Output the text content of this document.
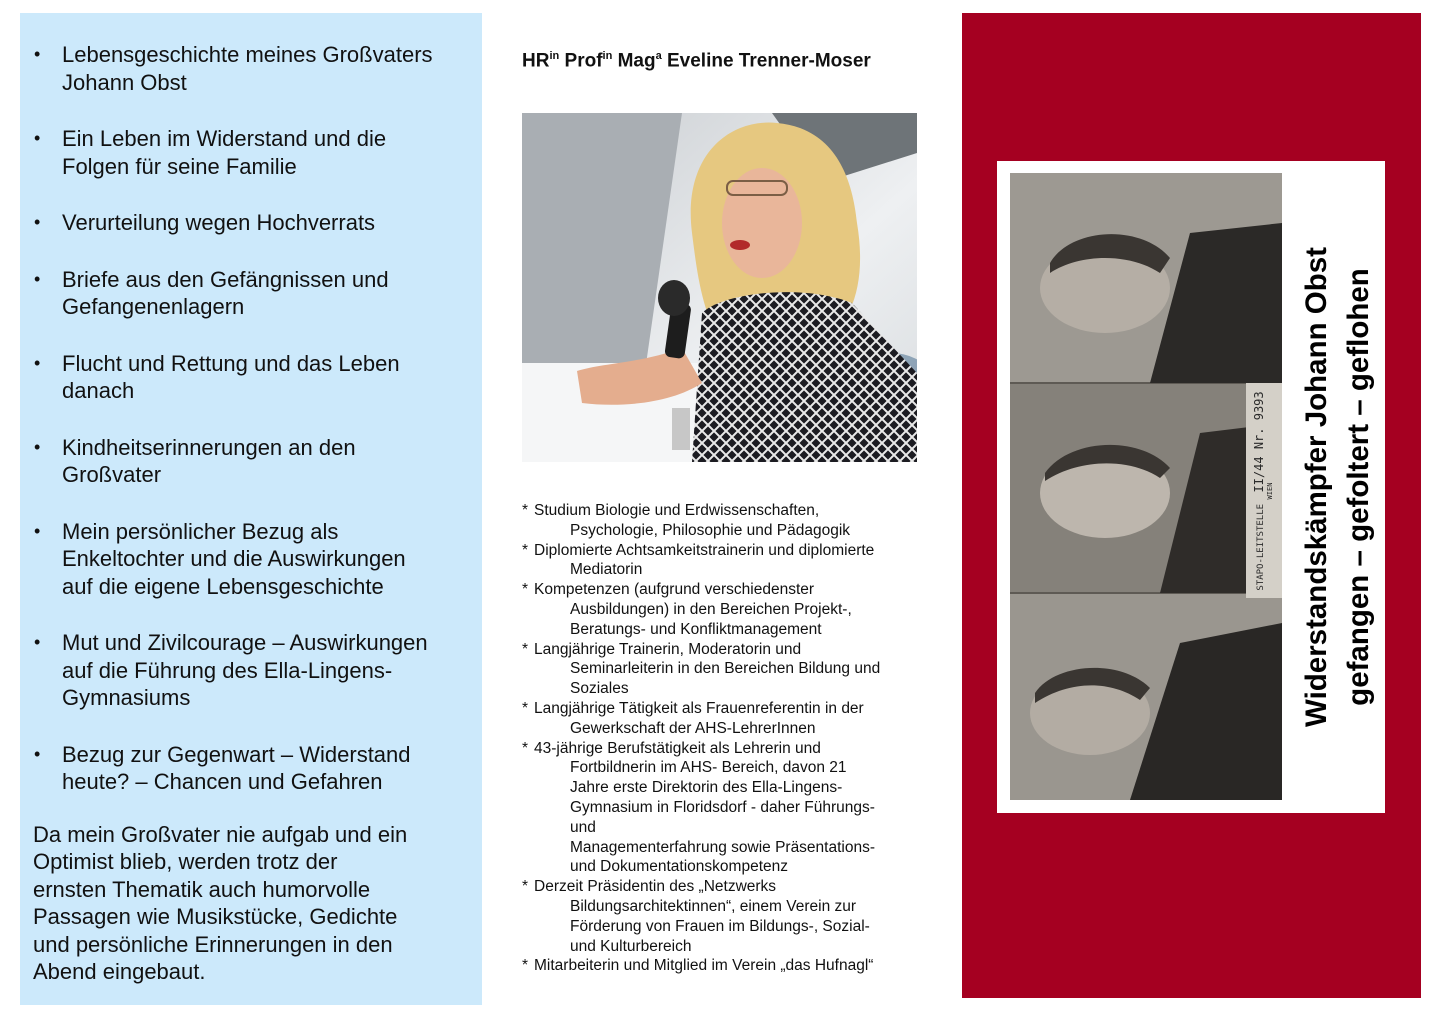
• Lebensgeschichte meines Großvaters
Johann Obst
• Ein Leben im Widerstand und die
Folgen für seine Familie
• Verurteilung wegen Hochverrats
• Briefe aus den Gefängnissen und
Gefangenenlagern
• Flucht und Rettung und das Leben
danach
• Kindheitserinnerungen an den
Großvater
• Mein persönlicher Bezug als
Enkeltochter und die Auswirkungen
auf die eigene Lebensgeschichte
• Mut und Zivilcourage – Auswirkungen
auf die Führung des Ella-Lingens-
Gymnasiums
• Bezug zur Gegenwart – Widerstand
heute? – Chancen und Gefahren
Da mein Großvater nie aufgab und ein
Optimist blieb, werden trotz der
ernsten Thematik auch humorvolle
Passagen wie Musikstücke, Gedichte
und persönliche Erinnerungen in den
Abend eingebaut.
$HR^{in}$ Prof$^{in}$ Mag$^a$ Eveline Trenner-Moser
* Studium Biologie und Erdwissenschaften,
Psychologie, Philosophie und Pädagogik
* Diplomierte Achtsamkeitstrainerin und diplomierte
Mediatorin
* Kompetenzen (aufgrund verschiedenster
Ausbildungen) in den Bereichen Projekt-,
Beratungs- und Konfliktmanagement
* Langjährige Trainerin, Moderatorin und
Seminarleiterin in den Bereichen Bildung und
Soziales
* Langjährige Tätigkeit als Frauenreferentin in der
Gewerkschaft der AHS-LehrerInnen
* 43-jährige Berufstätigkeit als Lehrerin und
Fortbildnerin im AHS- Bereich, davon 21
Jahre erste Direktorin des Ella-Lingens-
Gymnasium in Floridsdorf - daher Führungs-
und
Managementerfahrung sowie Präsentations-
und Dokumentationskompetenz
* Derzeit Präsidentin des „Netzwerks
Bildungsarchitektinnen“, einem Verein zur
Förderung von Frauen im Bildungs-, Sozial-
und Kulturbereich
* Mitarbeiterin und Mitglied im Verein „das Hufnagl“
STAPO-LEITSTELLE II/44 Nr. 9393 WIEN Widerstandskämpfer Johann Obst gefangen – gefoltert – geflohen
